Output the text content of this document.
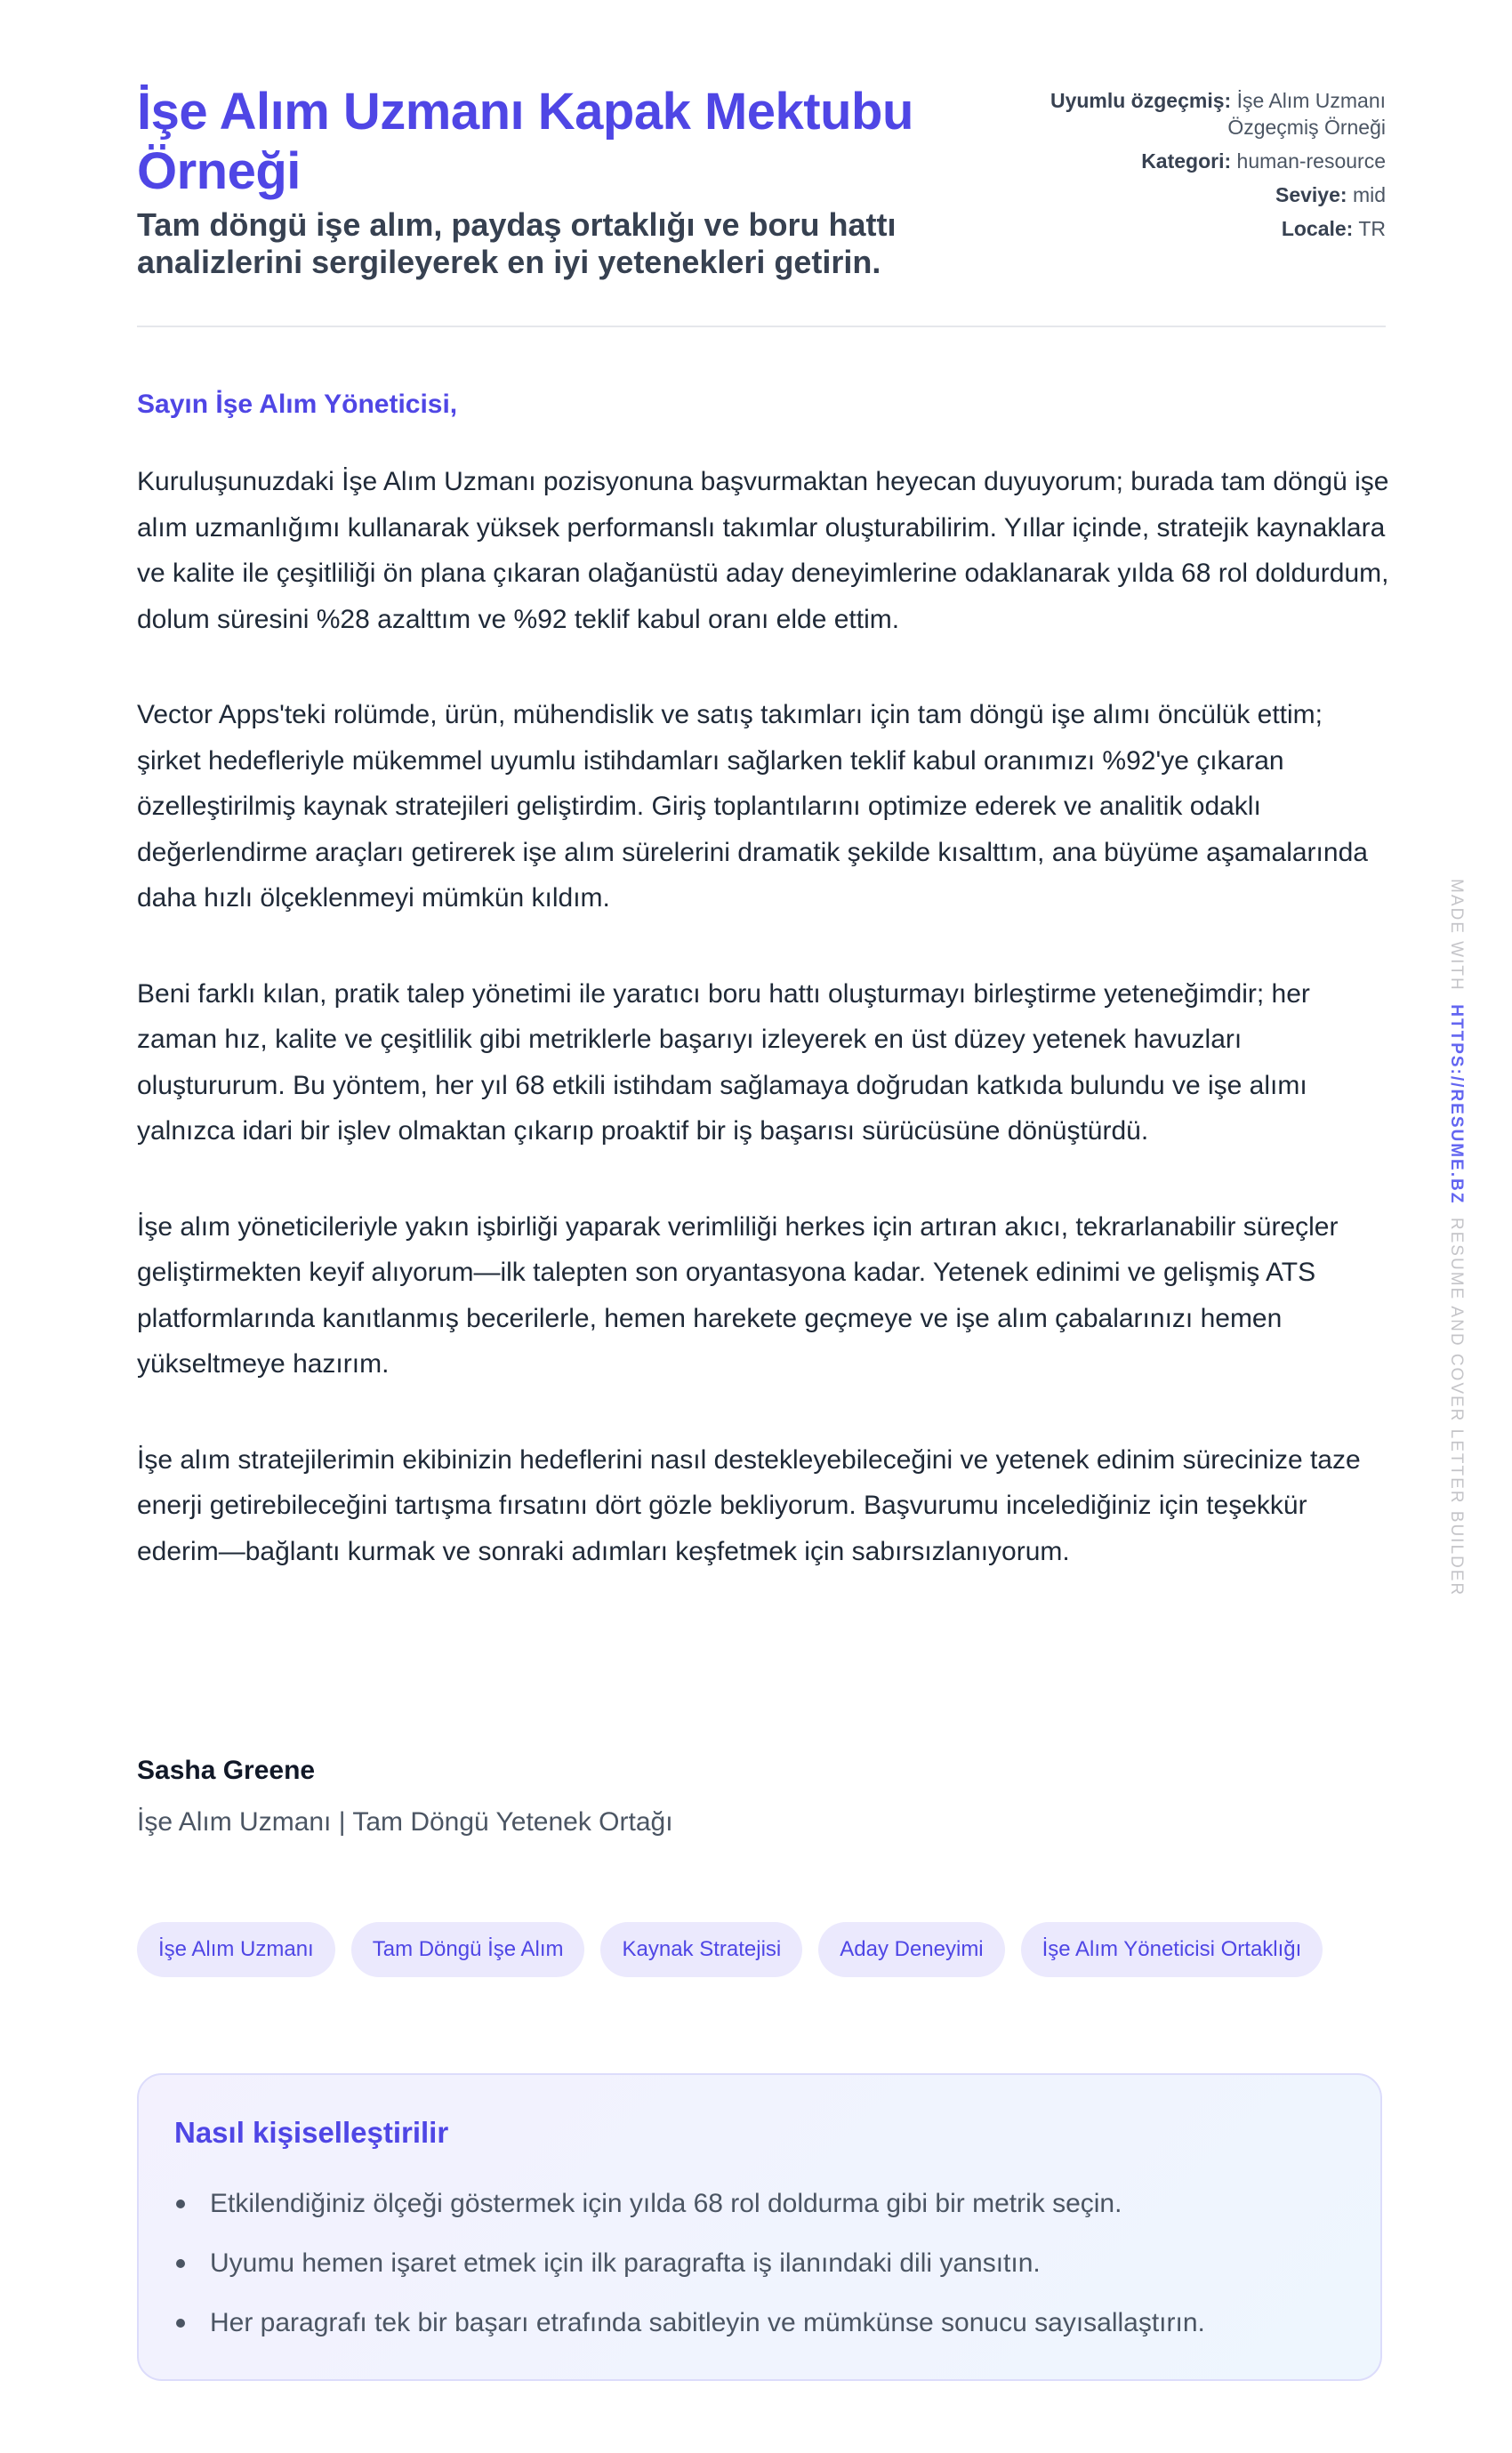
İşe Alım Uzmanı Kapak Mektubu Örneği
Tam döngü işe alım, paydaş ortaklığı ve boru hattı analizlerini sergileyerek en iyi yetenekleri getirin.
Uyumlu özgeçmiş: İşe Alım Uzmanı Özgeçmiş Örneği
Kategori: human-resource
Seviye: mid
Locale: TR
Sayın İşe Alım Yöneticisi,

Kuruluşunuzdaki İşe Alım Uzmanı pozisyonuna başvurmaktan heyecan duyuyorum; burada tam döngü işe alım uzmanlığımı kullanarak yüksek performanslı takımlar oluşturabilirim. Yıllar içinde, stratejik kaynaklara ve kalite ile çeşitliliği ön plana çıkaran olağanüstü aday deneyimlerine odaklanarak yılda 68 rol doldurdum, dolum süresini %28 azalttım ve %92 teklif kabul oranı elde ettim.

Vector Apps'teki rolümde, ürün, mühendislik ve satış takımları için tam döngü işe alımı öncülük ettim; şirket hedefleriyle mükemmel uyumlu istihdamları sağlarken teklif kabul oranımızı %92'ye çıkaran özelleştirilmiş kaynak stratejileri geliştirdim. Giriş toplantılarını optimize ederek ve analitik odaklı değerlendirme araçları getirerek işe alım sürelerini dramatik şekilde kısalttım, ana büyüme aşamalarında daha hızlı ölçeklenmeyi mümkün kıldım.

Beni farklı kılan, pratik talep yönetimi ile yaratıcı boru hattı oluşturmayı birleştirme yeteneğimdir; her zaman hız, kalite ve çeşitlilik gibi metriklerle başarıyı izleyerek en üst düzey yetenek havuzları oluştururum. Bu yöntem, her yıl 68 etkili istihdam sağlamaya doğrudan katkıda bulundu ve işe alımı yalnızca idari bir işlev olmaktan çıkarıp proaktif bir iş başarısı sürücüsüne dönüştürdü.

İşe alım yöneticileriyle yakın işbirliği yaparak verimliliği herkes için artıran akıcı, tekrarlanabilir süreçler geliştirmekten keyif alıyorum—ilk talepten son oryantasyona kadar. Yetenek edinimi ve gelişmiş ATS platformlarında kanıtlanmış becerilerle, hemen harekete geçmeye ve işe alım çabalarınızı hemen yükseltmeye hazırım.

İşe alım stratejilerimin ekibinizin hedeflerini nasıl destekleyebileceğini ve yetenek edinim sürecinize taze enerji getirebileceğini tartışma fırsatını dört gözle bekliyorum. Başvurumu incelediğiniz için teşekkür ederim—bağlantı kurmak ve sonraki adımları keşfetmek için sabırsızlanıyorum.

Sasha Greene
İşe Alım Uzmanı | Tam Döngü Yetenek Ortağı
İşe Alım Uzmanı	Tam Döngü İşe Alım	Kaynak Stratejisi	Aday Deneyimi	İşe Alım Yöneticisi Ortaklığı
Nasıl kişiselleştirilir
Etkilendiğiniz ölçeği göstermek için yılda 68 rol doldurma gibi bir metrik seçin.
Uyumu hemen işaret etmek için ilk paragrafta iş ilanındaki dili yansıtın.
Her paragrafı tek bir başarı etrafında sabitleyin ve mümkünse sonucu sayısallaştırın.
MADE WITH  HTTPS://RESUME.BZ  RESUME AND COVER LETTER BUILDER
